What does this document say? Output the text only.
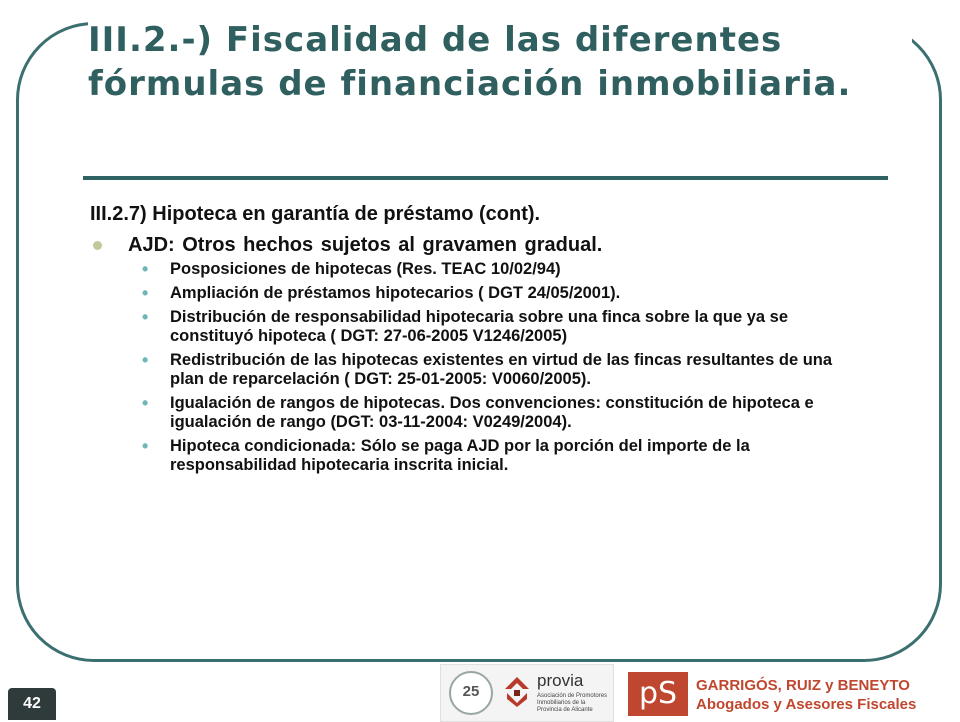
III.2.-) Fiscalidad de las diferentes
fórmulas de financiación inmobiliaria.

III.2.7) Hipoteca en garantía de préstamo (cont).

AJD: Otros hechos sujetos al gravamen gradual.
• Posposiciones de hipotecas (Res. TEAC 10/02/94)
• Ampliación de préstamos hipotecarios ( DGT 24/05/2001).
• Distribución de responsabilidad hipotecaria sobre una finca sobre la que ya se constituyó hipoteca ( DGT: 27-06-2005 V1246/2005)
• Redistribución de las hipotecas existentes en virtud de las fincas resultantes de una plan de reparcelación ( DGT: 25-01-2005: V0060/2005).
• Igualación de rangos de hipotecas. Dos convenciones: constitución de hipoteca e igualación de rango (DGT: 03-11-2004: V0249/2004).
• Hipoteca condicionada: Sólo se paga AJD por la porción del importe de la responsabilidad hipotecaria inscrita inicial.
42
25
provia
Asociación de Promotores Inmobiliarios de la Provincia de Alicante	pS	GARRIGÓS, RUIZ y BENEYTO
Abogados y Asesores Fiscales
